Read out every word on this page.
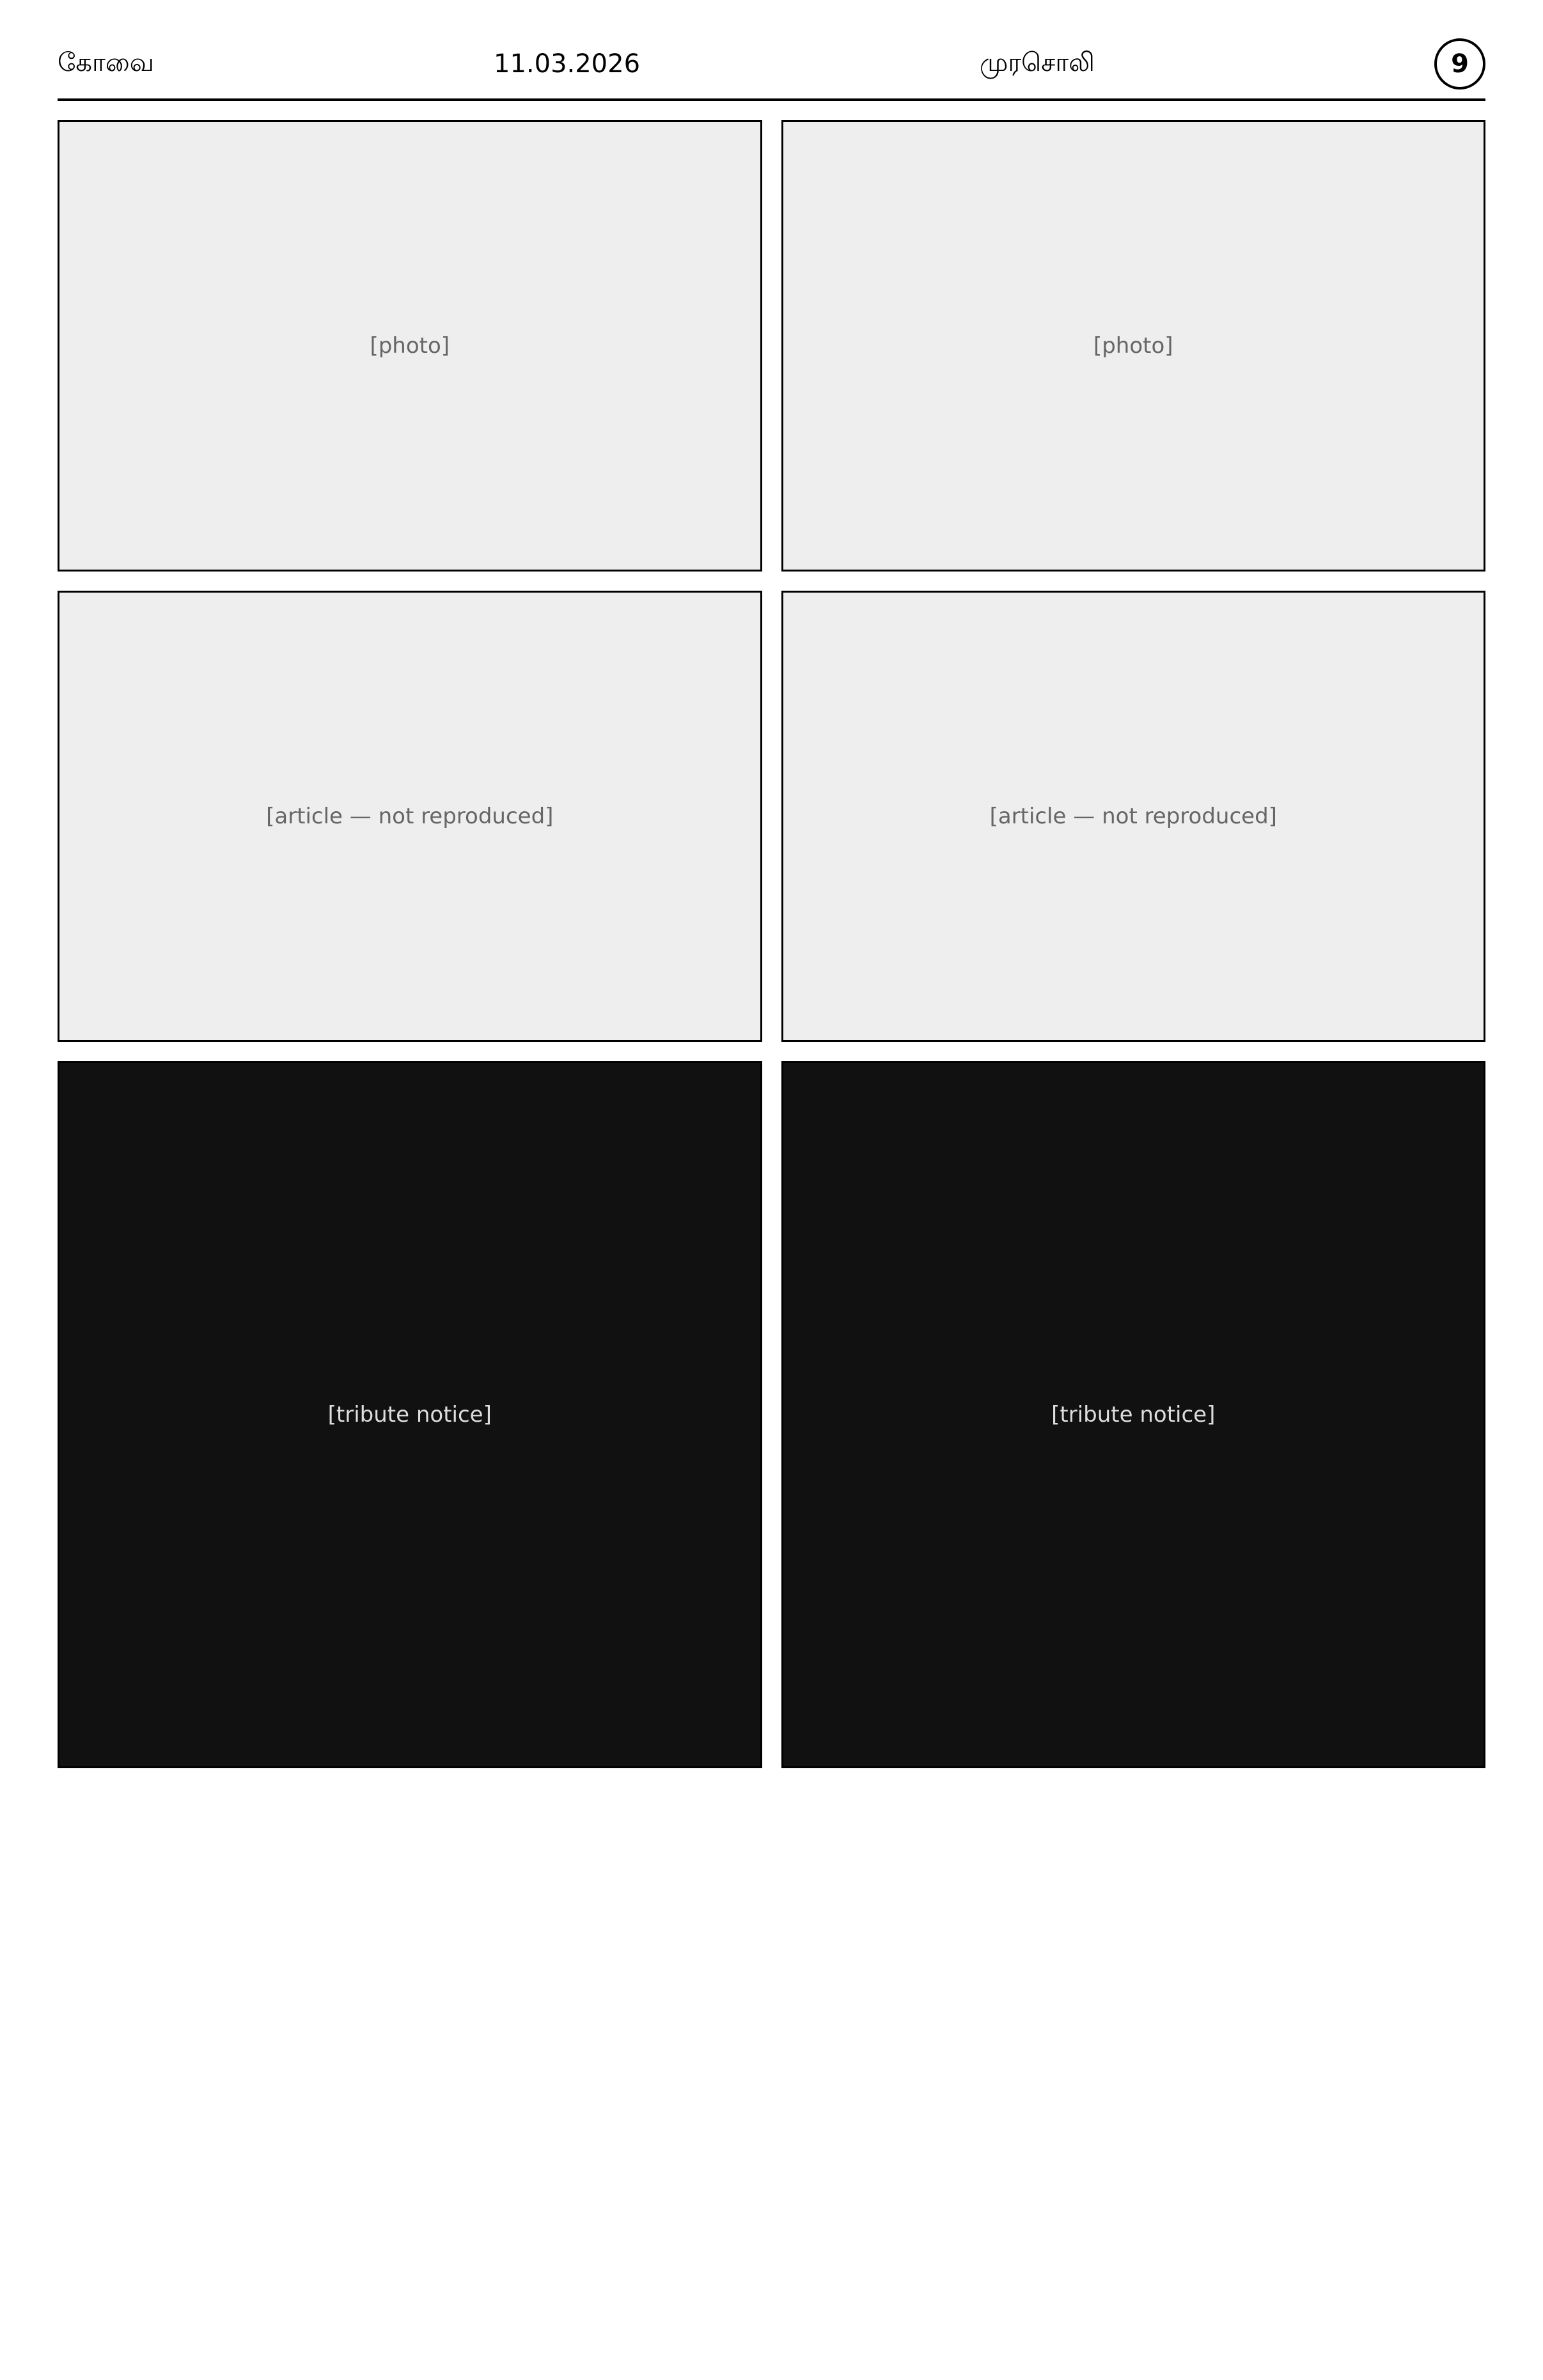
கோவை	11.03.2026	முரசொலி	9
[photo]	[photo]
[article — not reproduced]	[article — not reproduced]
[tribute notice]	[tribute notice]
